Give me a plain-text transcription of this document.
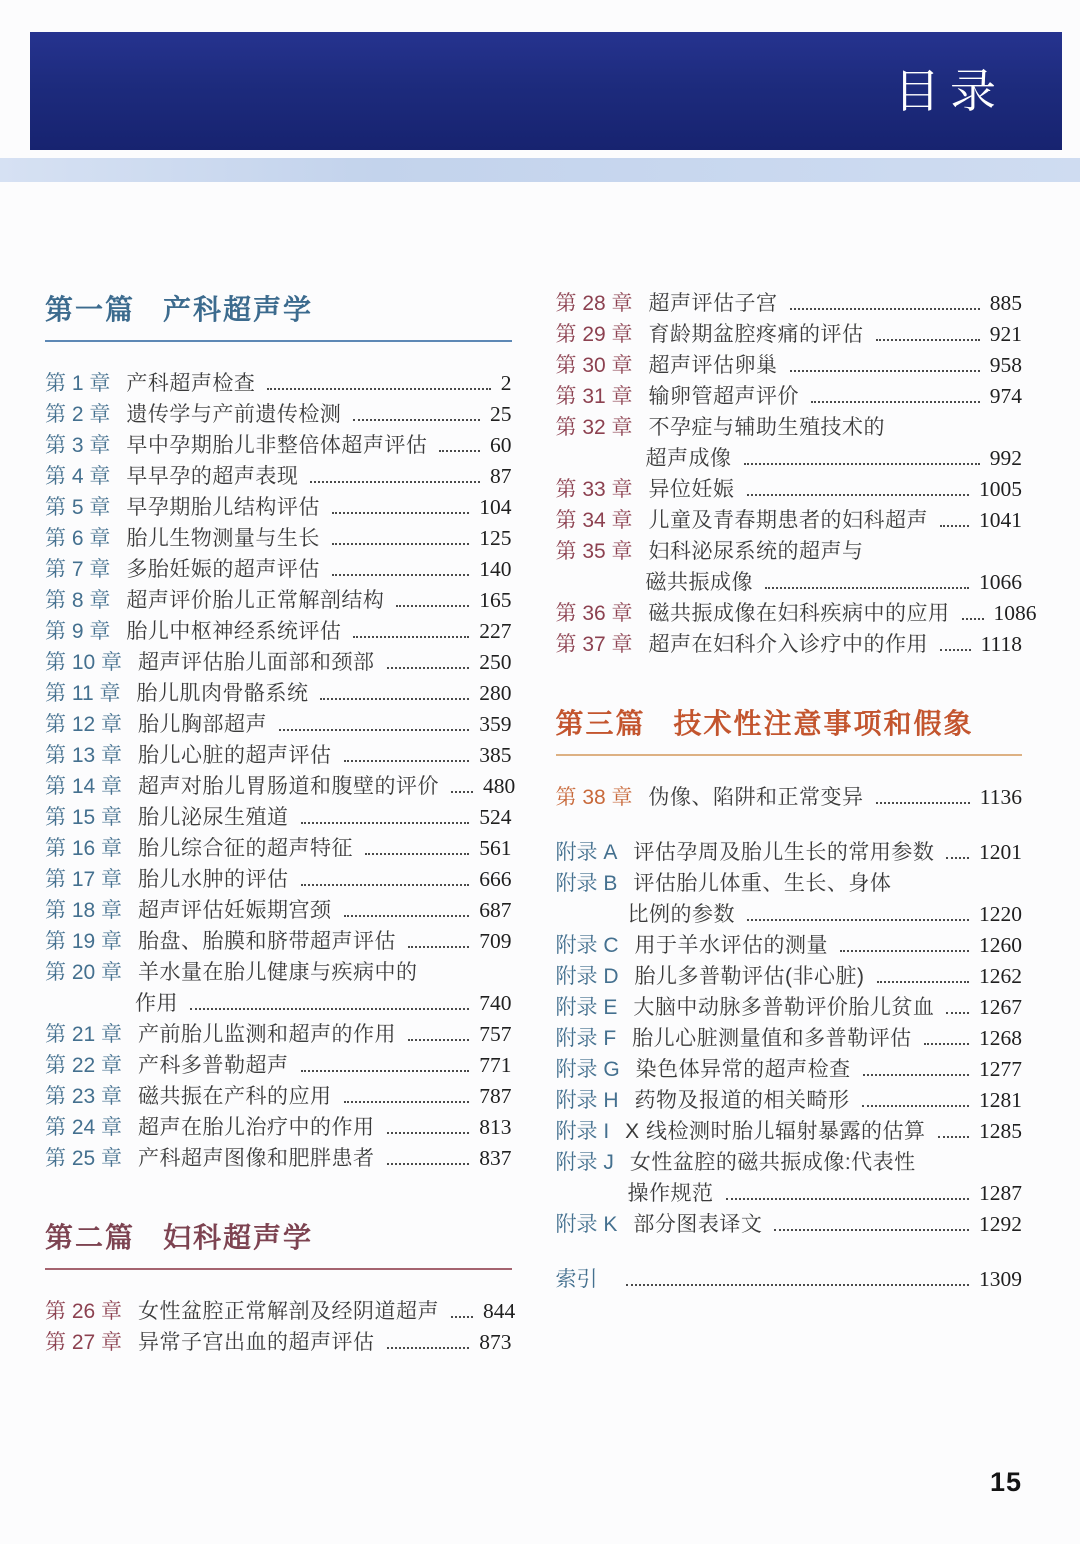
目录
第一篇 产科超声学
第 1 章 产科超声检查	2
第 2 章 遗传学与产前遗传检测	25
第 3 章 早中孕期胎儿非整倍体超声评估	60
第 4 章 早早孕的超声表现	87
第 5 章 早孕期胎儿结构评估	104
第 6 章 胎儿生物测量与生长	125
第 7 章 多胎妊娠的超声评估	140
第 8 章 超声评价胎儿正常解剖结构	165
第 9 章 胎儿中枢神经系统评估	227
第 10 章 超声评估胎儿面部和颈部	250
第 11 章 胎儿肌肉骨骼系统	280
第 12 章 胎儿胸部超声	359
第 13 章 胎儿心脏的超声评估	385
第 14 章 超声对胎儿胃肠道和腹壁的评价 480
第 15 章 胎儿泌尿生殖道	524
第 16 章 胎儿综合征的超声特征	561
第 17 章 胎儿水肿的评估	666
第 18 章 超声评估妊娠期宫颈	687
第 19 章 胎盘、胎膜和脐带超声评估	709
第 20 章 羊水量在胎儿健康与疾病中的
作用	740
第 21 章 产前胎儿监测和超声的作用	757
第 22 章 产科多普勒超声	771
第 23 章 磁共振在产科的应用	787
第 24 章 超声在胎儿治疗中的作用	813
第 25 章 产科超声图像和肥胖患者	837
第二篇 妇科超声学
第 26 章 女性盆腔正常解剖及经阴道超声 844
第 27 章 异常子宫出血的超声评估	873
第 28 章 超声评估子宫	885
第 29 章 育龄期盆腔疼痛的评估	921
第 30 章 超声评估卵巢	958
第 31 章 输卵管超声评价	974
第 32 章 不孕症与辅助生殖技术的
超声成像	992
第 33 章 异位妊娠	1005
第 34 章 儿童及青春期患者的妇科超声 1041
第 35 章 妇科泌尿系统的超声与
磁共振成像	1066
第 36 章 磁共振成像在妇科疾病中的应用 1086
第 37 章 超声在妇科介入诊疗中的作用 1118
第三篇 技术性注意事项和假象
第 38 章 伪像、陷阱和正常变异	1136
附录 A 评估孕周及胎儿生长的常用参数 1201
附录 B 评估胎儿体重、生长、身体
比例的参数	1220
附录 C 用于羊水评估的测量	1260
附录 D 胎儿多普勒评估(非心脏)	1262
附录 E 大脑中动脉多普勒评价胎儿贫血 1267
附录 F 胎儿心脏测量值和多普勒评估	1268
附录 G 染色体异常的超声检查	1277
附录 H 药物及报道的相关畸形	1281
附录 I X 线检测时胎儿辐射暴露的估算 1285
附录 J 女性盆腔的磁共振成像:代表性
操作规范	1287
附录 K 部分图表译文	1292
索引	1309
15
